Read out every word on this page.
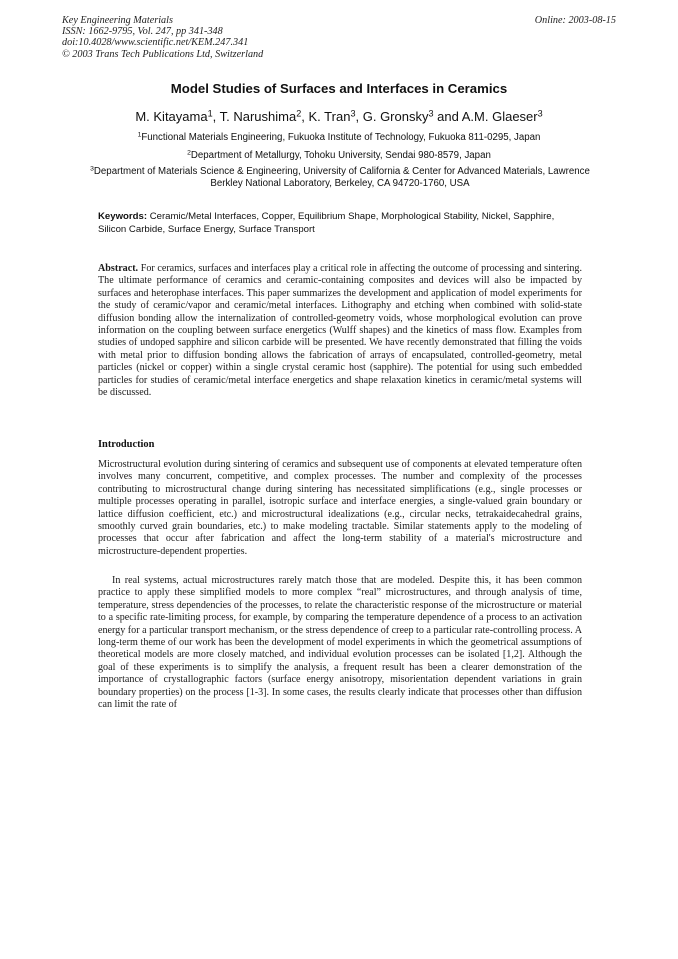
Key Engineering Materials
ISSN: 1662-9795, Vol. 247, pp 341-348
doi:10.4028/www.scientific.net/KEM.247.341
© 2003 Trans Tech Publications Ltd, Switzerland
Online: 2003-08-15
Model Studies of Surfaces and Interfaces in Ceramics
M. Kitayama$^1$, T. Narushima$^2$, K. Tran$^3$, G. Gronsky$^3$ and A.M. Glaeser$^3$
$^1$Functional Materials Engineering, Fukuoka Institute of Technology, Fukuoka 811-0295, Japan
$^2$Department of Metallurgy, Tohoku University, Sendai 980-8579, Japan
$^3$Department of Materials Science & Engineering, University of California & Center for Advanced Materials, Lawrence Berkley National Laboratory, Berkeley, CA 94720-1760, USA
Keywords: Ceramic/Metal Interfaces, Copper, Equilibrium Shape, Morphological Stability, Nickel, Sapphire, Silicon Carbide, Surface Energy, Surface Transport
Abstract. For ceramics, surfaces and interfaces play a critical role in affecting the outcome of processing and sintering. The ultimate performance of ceramics and ceramic-containing composites and devices will also be impacted by surfaces and heterophase interfaces. This paper summarizes the development and application of model experiments for the study of ceramic/vapor and ceramic/metal interfaces. Lithography and etching when combined with solid-state diffusion bonding allow the internalization of controlled-geometry voids, whose morphological evolution can prove information on the coupling between surface energetics (Wulff shapes) and the kinetics of mass flow. Examples from studies of undoped sapphire and silicon carbide will be presented. We have recently demonstrated that filling the voids with metal prior to diffusion bonding allows the fabrication of arrays of encapsulated, controlled-geometry, metal particles (nickel or copper) within a single crystal ceramic host (sapphire). The potential for using such embedded particles for studies of ceramic/metal interface energetics and shape relaxation kinetics in ceramic/metal systems will be discussed.
Introduction
Microstructural evolution during sintering of ceramics and subsequent use of components at elevated temperature often involves many concurrent, competitive, and complex processes. The number and complexity of the processes contributing to microstructural change during sintering has necessitated simplifications (e.g., single processes or multiple processes operating in parallel, isotropic surface and interface energies, a single-valued grain boundary or lattice diffusion coefficient, etc.) and microstructural idealizations (e.g., circular necks, tetrakaidecahedral grains, smoothly curved grain boundaries, etc.) to make modeling tractable. Similar statements apply to the modeling of processes that occur after fabrication and affect the long-term stability of a material's microstructure and microstructure-dependent properties.
In real systems, actual microstructures rarely match those that are modeled. Despite this, it has been common practice to apply these simplified models to more complex “real” microstructures, and through analysis of time, temperature, stress dependencies of the processes, to relate the characteristic response of the microstructure or material to a specific rate-limiting process, for example, by comparing the temperature dependence of a process to an activation energy for a particular transport mechanism, or the stress dependence of creep to a particular rate-controlling process. A long-term theme of our work has been the development of model experiments in which the geometrical assumptions of theoretical models are more closely matched, and individual evolution processes can be isolated [1,2]. Although the goal of these experiments is to simplify the analysis, a frequent result has been a clearer demonstration of the importance of crystallographic factors (surface energy anisotropy, misorientation dependent variations in grain boundary properties) on the process [1-3]. In some cases, the results clearly indicate that processes other than diffusion can limit the rate of
